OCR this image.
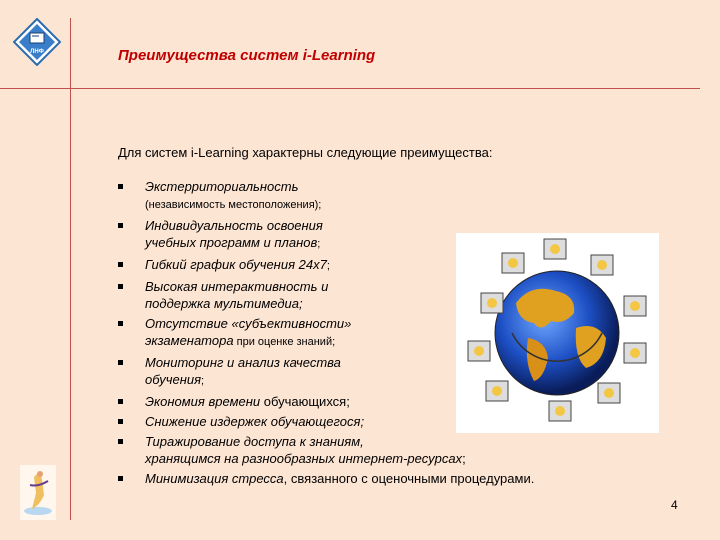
ЛНФ	Преимущества систем i-Learning
Для систем i-Learning характерны следующие преимущества:
Экстерриториальность
(независимость местоположения);
Индивидуальность освоения
учебных программ и планов;
Гибкий график обучения 24х7;
Высокая интерактивность и
поддержка мультимедиа;
Отсутствие «субъективности»
экзаменатора при оценке знаний;
Мониторинг и анализ качества
обучения;
Экономия времени обучающихся;
Снижение издержек обучающегося;
Тиражирование доступа к знаниям,
хранящимся на разнообразных интернет-ресурсах;
Минимизация стресса, связанного с оценочными процедурами.
4
